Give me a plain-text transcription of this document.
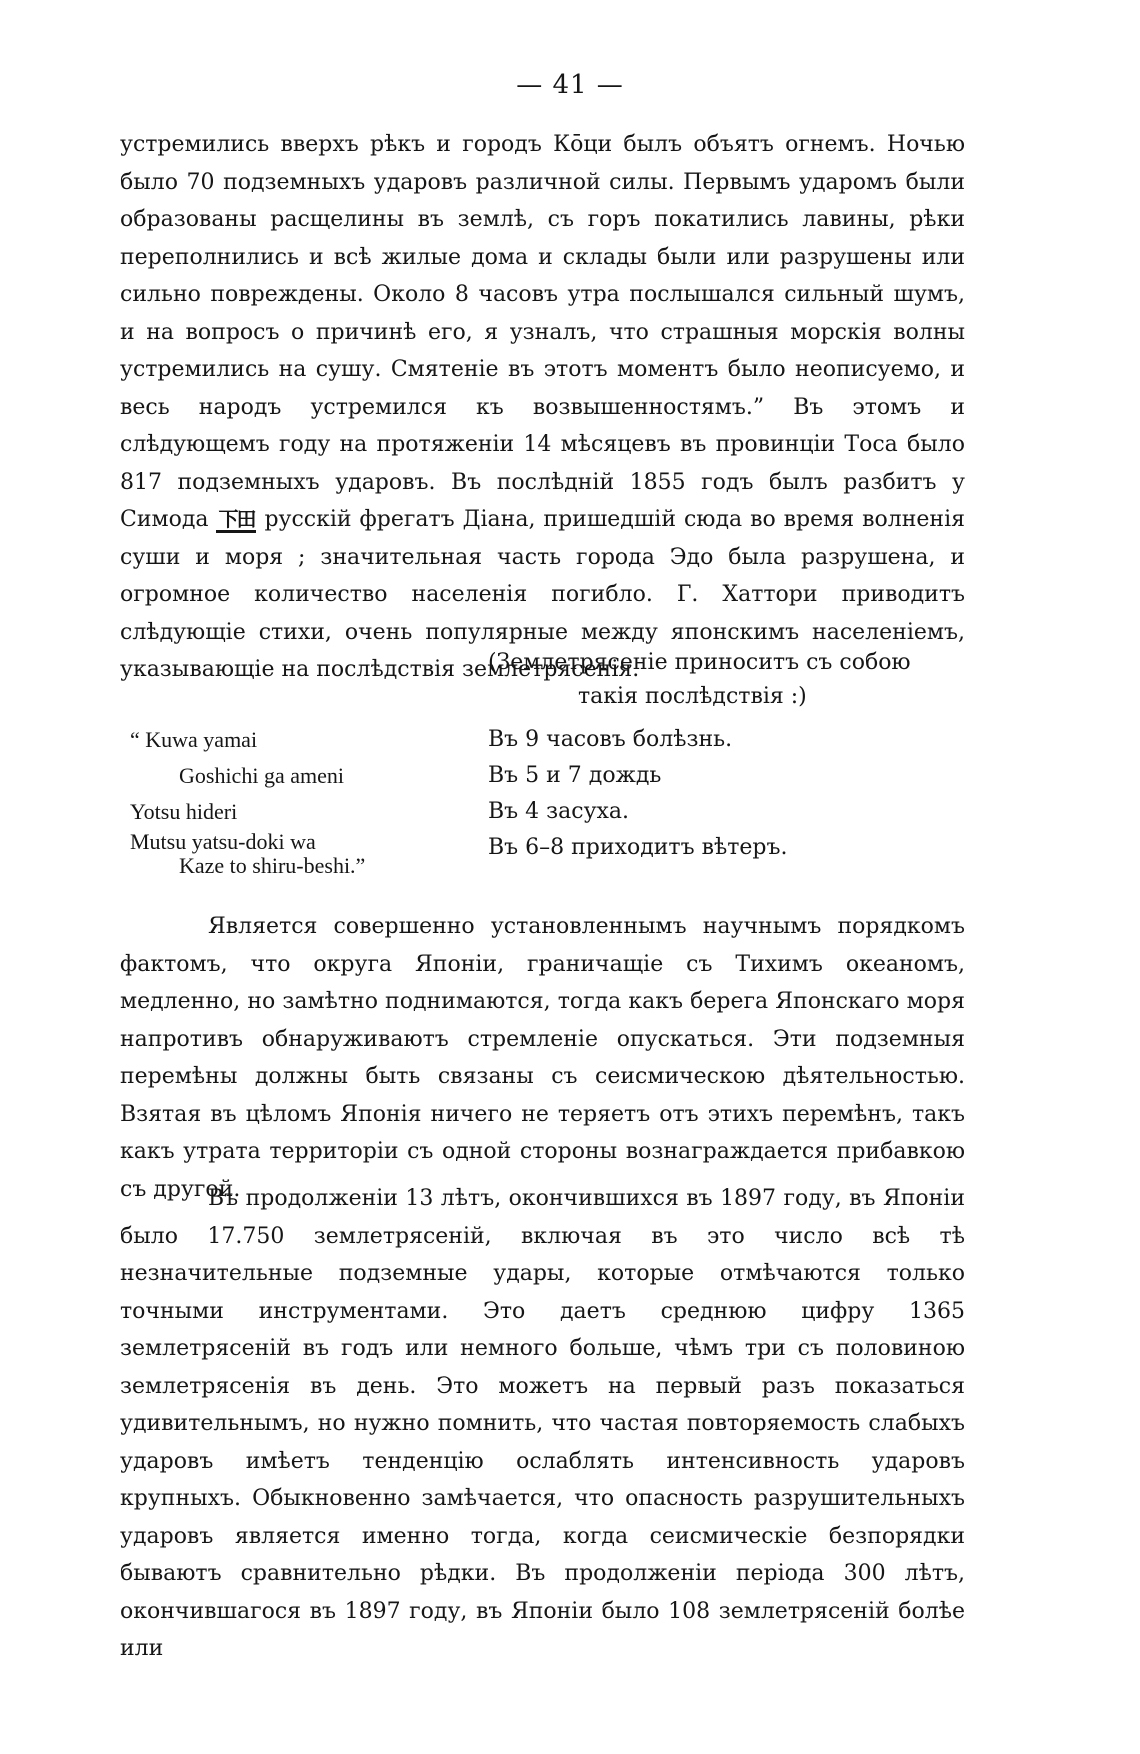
— 41 —

устремились вверхъ рѣкъ и городъ Кōци былъ объятъ огнемъ. Ночью было 70 подземныхъ ударовъ различной силы. Первымъ ударомъ были образованы расщелины въ землѣ, съ горъ покатились лавины, рѣки переполнились и всѣ жилые дома и склады были или разрушены или сильно повреждены. Около 8 часовъ утра послышался сильный шумъ, и на вопросъ о причинѣ его, я узналъ, что страшныя морскія волны устремились на сушу. Смятеніе въ этотъ моментъ было неописуемо, и весь народъ устремился къ возвышенностямъ.” Въ этомъ и слѣдующемъ году на протяженіи 14 мѣсяцевъ въ провинціи Тоса было 817 подземныхъ ударовъ. Въ послѣдній 1855 годъ былъ разбитъ у Симода 下田 русскій фрегатъ Діана, пришедшій сюда во время волненія суши и моря ; значительная часть города Эдо была разрушена, и огромное количество населенія погибло. Г. Хаттори приводитъ слѣдующіе стихи, очень популярные между японскимъ населеніемъ, указывающіе на послѣдствія землетрясенія.

(Землетрясеніе приноситъ съ собою
такія послѣдствія :)
“ Kuwa yamai
Goshichi ga ameni
Yotsu hideri
Mutsu yatsu-doki wa
Kaze to shiru-beshi.”
Въ 9 часовъ болѣзнь.
Въ 5 и 7 дождь
Въ 4 засуха.
Въ 6–8 приходитъ вѣтеръ.

Является совершенно установленнымъ научнымъ порядкомъ фактомъ, что округа Японіи, граничащіе съ Тихимъ океаномъ, медленно, но замѣтно поднимаются, тогда какъ берега Японскаго моря напротивъ обнаруживаютъ стремленіе опускаться. Эти подземныя перемѣны должны быть связаны съ сеисмическою дѣятельностью. Взятая въ цѣломъ Японія ничего не теряетъ отъ этихъ перемѣнъ, такъ какъ утрата территоріи съ одной стороны вознаграждается прибавкою съ другой.

Въ продолженіи 13 лѣтъ, окончившихся въ 1897 году, въ Японіи было 17.750 землетрясеній, включая въ это число всѣ тѣ незначительные подземные удары, которые отмѣчаются только точными инструментами. Это даетъ среднюю цифру 1365 землетрясеній въ годъ или немного больше, чѣмъ три съ половиною землетрясенія въ день. Это можетъ на первый разъ показаться удивительнымъ, но нужно помнить, что частая повторяемость слабыхъ ударовъ имѣетъ тенденцію ослаблять интенсивность ударовъ крупныхъ. Обыкновенно замѣчается, что опасность разрушительныхъ ударовъ является именно тогда, когда сеисмическіе безпорядки бываютъ сравнительно рѣдки. Въ продолженіи періода 300 лѣтъ, окончившагося въ 1897 году, въ Японіи было 108 землетрясеній болѣе или
